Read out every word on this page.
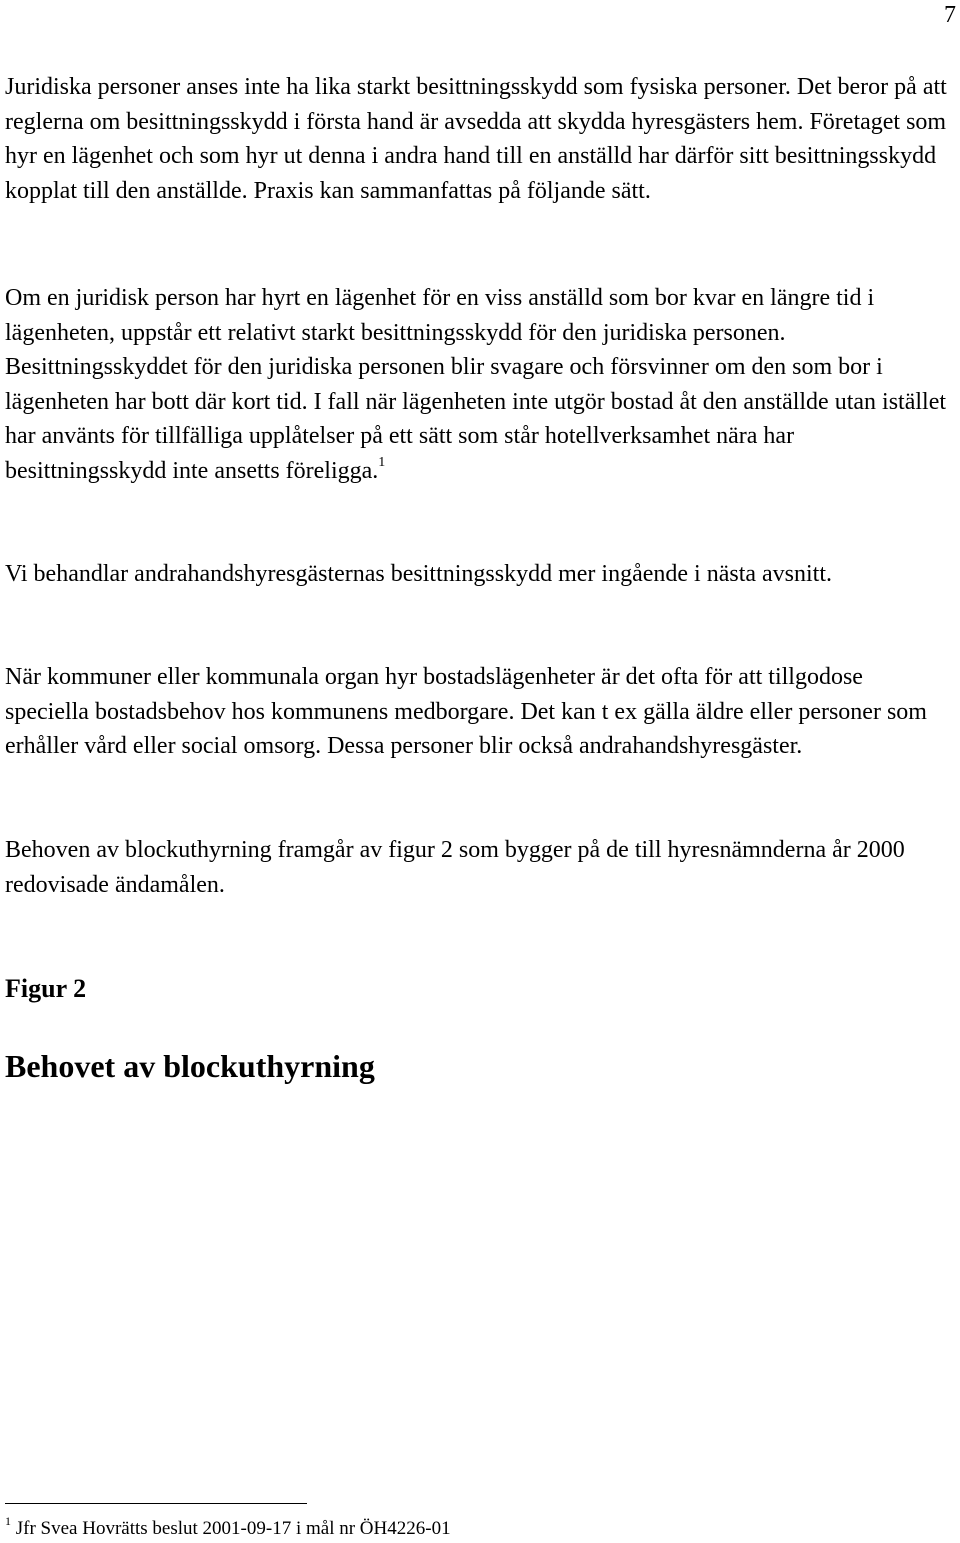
7

Juridiska personer anses inte ha lika starkt besittningsskydd som fysiska personer. Det beror på att reglerna om besittningsskydd i första hand är avsedda att skydda hyresgästers hem. Företaget som hyr en lägenhet och som hyr ut denna i andra hand till en anställd har därför sitt besittningsskydd kopplat till den anställde. Praxis kan sammanfattas på följande sätt.

Om en juridisk person har hyrt en lägenhet för en viss anställd som bor kvar en längre tid i lägenheten, uppstår ett relativt starkt besittningsskydd för den juridiska personen. Besittningsskyddet för den juridiska personen blir svagare och försvinner om den som bor i lägenheten har bott där kort tid. I fall när lägenheten inte utgör bostad åt den anställde utan istället har använts för tillfälliga upplåtelser på ett sätt som står hotellverksamhet nära har besittningsskydd inte ansetts föreligga.$^1$

Vi behandlar andrahandshyresgästernas besittningsskydd mer ingående i nästa avsnitt.

När kommuner eller kommunala organ hyr bostadslägenheter är det ofta för att tillgodose speciella bostadsbehov hos kommunens medborgare. Det kan t ex gälla äldre eller personer som erhåller vård eller social omsorg. Dessa personer blir också andrahandshyresgäster.

Behoven av blockuthyrning framgår av figur 2 som bygger på de till hyresnämnderna år 2000 redovisade ändamålen.

Figur 2
Behovet av blockuthyrning

$^1$ Jfr Svea Hovrätts beslut 2001-09-17 i mål nr ÖH4226-01
